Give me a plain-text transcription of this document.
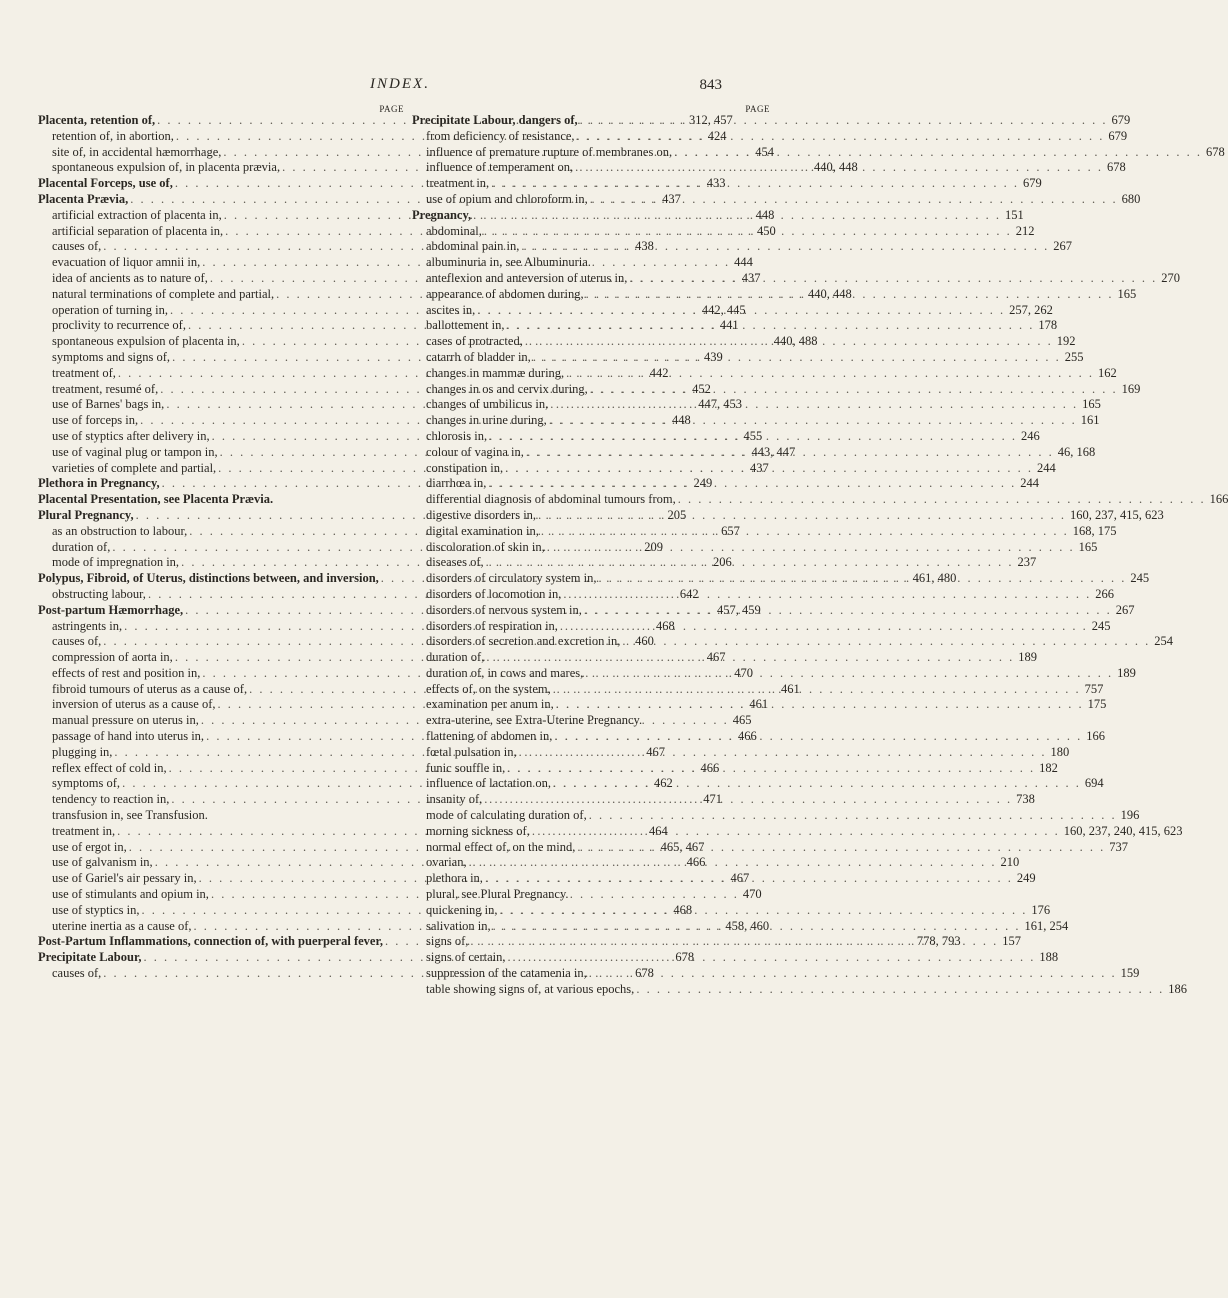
INDEX.	843
PAGE
Placenta, retention of, . . .	312, 457
retention of, in abortion, . . .	424
site of, in accidental hæmorrhage, . . .	454
spontaneous expulsion of, in placenta prævia, . . .	440, 448
Placental Forceps, use of, . . .	433
Placenta Prævia, . . .	437
artificial extraction of placenta in, . . .	448
artificial separation of placenta in, . . .	450
causes of, . . .	438
evacuation of liquor amnii in, . . .	444
idea of ancients as to nature of, . . .	437
natural terminations of complete and partial, . . .	440, 448
operation of turning in, . . .	442, 445
proclivity to recurrence of, . . .	441
spontaneous expulsion of placenta in, . . .	440, 488
symptoms and signs of, . . .	439
treatment of, . . .	442
treatment, resumé of, . . .	452
use of Barnes' bags in, . . .	447, 453
use of forceps in, . . .	448
use of styptics after delivery in, . . .	455
use of vaginal plug or tampon in, . . .	443, 447
varieties of complete and partial, . . .	437
Plethora in Pregnancy, . . .	249
Placental Presentation, see Placenta Prævia.
Plural Pregnancy, . . .	205
as an obstruction to labour, . . .	657
duration of, . . .	209
mode of impregnation in, . . .	206
Polypus, Fibroid, of Uterus, distinctions between, and inversion, . . .	461, 480
obstructing labour, . . .	642
Post-partum Hæmorrhage, . . .	457, 459
astringents in, . . .	468
causes of, . . .	460
compression of aorta in, . . .	467
effects of rest and position in, . . .	470
fibroid tumours of uterus as a cause of, . . .	461
inversion of uterus as a cause of, . . .	461
manual pressure on uterus in, . . .	465
passage of hand into uterus in, . . .	466
plugging in, . . .	467
reflex effect of cold in, . . .	466
symptoms of, . . .	462
tendency to reaction in, . . .	471
transfusion in, see Transfusion.
treatment in, . . .	464
use of ergot in, . . .	465, 467
use of galvanism in, . . .	466
use of Gariel's air pessary in, . . .	467
use of stimulants and opium in, . . .	470
use of styptics in, . . .	468
uterine inertia as a cause of, . . .	458, 460
Post-Partum Inflammations, connection of, with puerperal fever, . . .	778, 793
Precipitate Labour, . . .	678
causes of, . . .	678
PAGE
Precipitate Labour, dangers of, . . .	679
from deficiency of resistance, . . .	679
influence of premature rupture of membranes on, . . .	678
influence of temperament on, . . .	678
treatment in, . . .	679
use of opium and chloroform in, . . .	680
Pregnancy, . . .	151
abdominal, . . .	212
abdominal pain in, . . .	267
albuminuria in, see Albuminuria.
anteflexion and anteversion of uterus in, . . .	270
appearance of abdomen during, . . .	165
ascites in, . . .	257, 262
ballottement in, . . .	178
cases of protracted, . . .	192
catarrh of bladder in, . . .	255
changes in mammæ during, . . .	162
changes in os and cervix during, . . .	169
changes of umbilicus in, . . .	165
changes in urine during, . . .	161
chlorosis in, . . .	246
colour of vagina in, . . .	46, 168
constipation in, . . .	244
diarrhœa in, . . .	244
differential diagnosis of abdominal tumours from, . . .	166
digestive disorders in, . . .	160, 237, 415, 623
digital examination in, . . .	168, 175
discoloration of skin in, . . .	165
diseases of, . . .	237
disorders of circulatory system in, . . .	245
disorders of locomotion in, . . .	266
disorders of nervous system in, . . .	267
disorders of respiration in, . . .	245
disorders of secretion and excretion in, . . .	254
duration of, . . .	189
duration of, in cows and mares, . . .	189
effects of, on the system, . . .	757
examination per anum in, . . .	175
extra-uterine, see Extra-Uterine Pregnancy.
flattening of abdomen in, . . .	166
fœtal pulsation in, . . .	180
funic souffle in, . . .	182
influence of lactation on, . . .	694
insanity of, . . .	738
mode of calculating duration of, . . .	196
morning sickness of, . . .	160, 237, 240, 415, 623
normal effect of, on the mind, . . .	737
ovarian, . . .	210
plethora in, . . .	249
plural, see Plural Pregnancy.
quickening in, . . .	176
salivation in, . . .	161, 254
signs of, . . .	157
signs of certain, . . .	188
suppression of the catamenia in, . . .	159
table showing signs of, at various epochs, . . .	186
